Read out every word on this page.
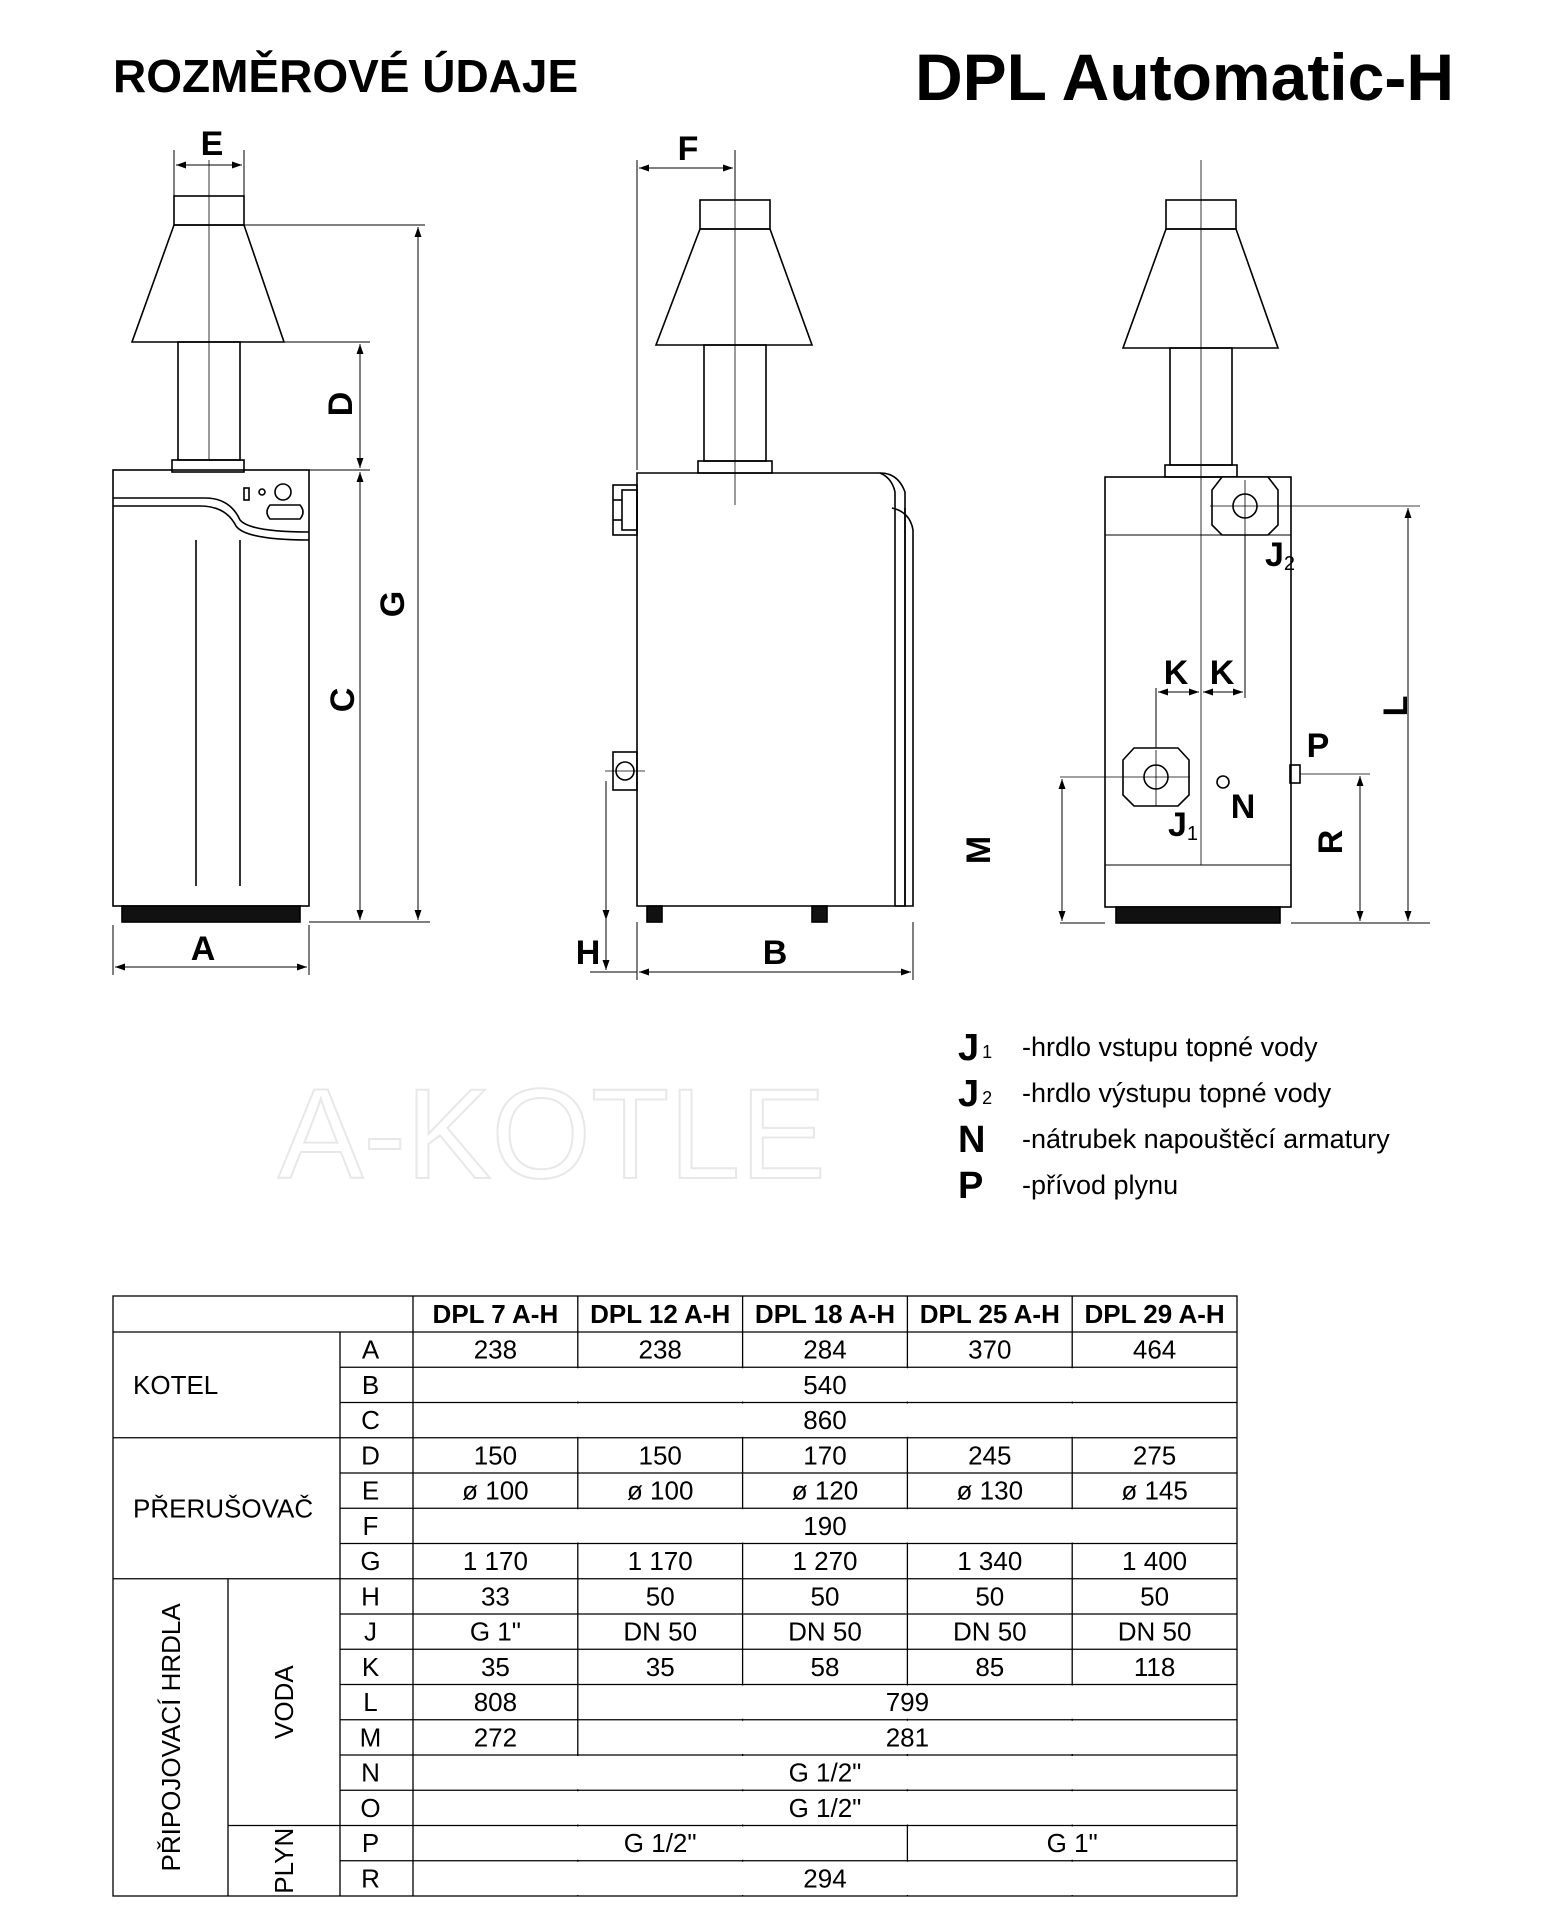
ROZMĚROVÉ ÚDAJE	DPL Automatic-H
A-KOTLE
E
A
D
C
G
F
B
H
M
K K
P
N
L
R
J2
J1
J 1 -hrdlo vstupu topné vody
J 2 -hrdlo výstupu topné vody
N -nátrubek napouštěcí armatury
P -přívod plynu
DPL 7 A-H DPL 12 A-H DPL 18 A-H DPL 25 A-H DPL 29 A-H
A	238	238	284	370	464
B	540
C	860
D	150	150	170	245	275
E	ø 100	ø 100	ø 120	ø 130	ø 145
F	190
G	1 170	1 170	1 270	1 340	1 400
H	33	50	50	50	50
J	G 1"	DN 50	DN 50	DN 50	DN 50
K	35	35	58	85	118
L	808	799
M	272	281
N	G 1/2"
O	G 1/2"
P	G 1/2"	G 1"
R	294
KOTEL
PŘERUŠOVAČ
PŘIPOJOVACÍ HRDLA	VODA
PLYN
